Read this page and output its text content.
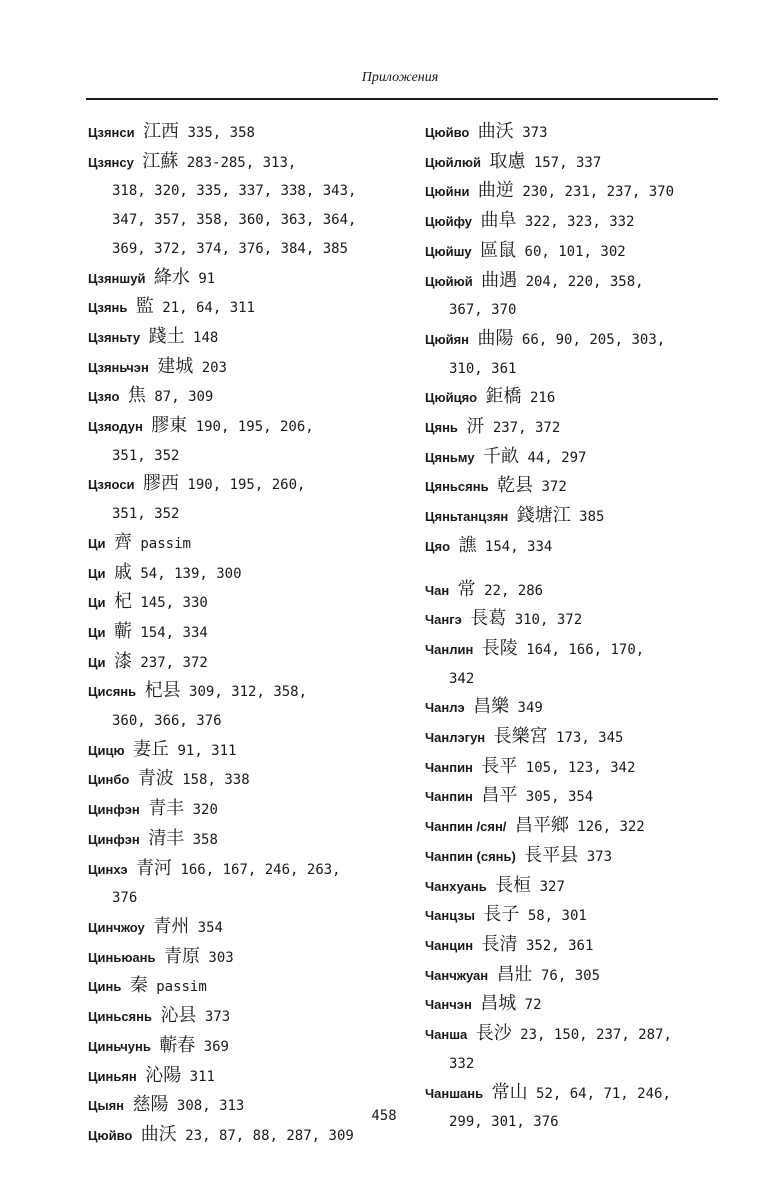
Приложения
Цзянси 江西 335, 358
Цзянсу 江蘇 283-285, 313,
318, 320, 335, 337, 338, 343,
347, 357, 358, 360, 363, 364,
369, 372, 374, 376, 384, 385
Цзяншуй 絳水 91
Цзянь 監 21, 64, 311
Цзяньту 踐土 148
Цзяньчэн 建城 203
Цзяо 焦 87, 309
Цзяодун 膠東 190, 195, 206,
351, 352
Цзяоси 膠西 190, 195, 260,
351, 352
Ци 齊 passim
Ци 戚 54, 139, 300
Ци 杞 145, 330
Ци 蘄 154, 334
Ци 漆 237, 372
Цисянь 杞县 309, 312, 358,
360, 366, 376
Цицю 妻丘 91, 311
Цинбо 青波 158, 338
Цинфэн 青丰 320
Цинфэн 清丰 358
Цинхэ 青河 166, 167, 246, 263,
376
Цинчжоу 青州 354
Циньюань 青原 303
Цинь 秦 passim
Циньсянь 沁县 373
Циньчунь 蘄春 369
Циньян 沁陽 311
Цыян 慈陽 308, 313
Цюйво 曲沃 23, 87, 88, 287, 309
Цюйво 曲沃 373
Цюйлюй 取慮 157, 337
Цюйни 曲逆 230, 231, 237, 370
Цюйфу 曲阜 322, 323, 332
Цюйшу 區鼠 60, 101, 302
Цюйюй 曲遇 204, 220, 358,
367, 370
Цюйян 曲陽 66, 90, 205, 303,
310, 361
Цюйцяо 鉅橋 216
Цянь 汧 237, 372
Цяньму 千畝 44, 297
Цяньсянь 乾县 372
Цяньтанцзян 錢塘江 385
Цяо 譙 154, 334
Чан 常 22, 286
Чангэ 長葛 310, 372
Чанлин 長陵 164, 166, 170,
342
Чанлэ 昌樂 349
Чанлэгун 長樂宮 173, 345
Чанпин 長平 105, 123, 342
Чанпин 昌平 305, 354
Чанпин /сян/ 昌平鄉 126, 322
Чанпин (сянь) 長平县 373
Чанхуань 長桓 327
Чанцзы 長子 58, 301
Чанцин 長清 352, 361
Чанчжуан 昌壯 76, 305
Чанчэн 昌城 72
Чанша 長沙 23, 150, 237, 287,
332
Чаншань 常山 52, 64, 71, 246,
299, 301, 376
458
